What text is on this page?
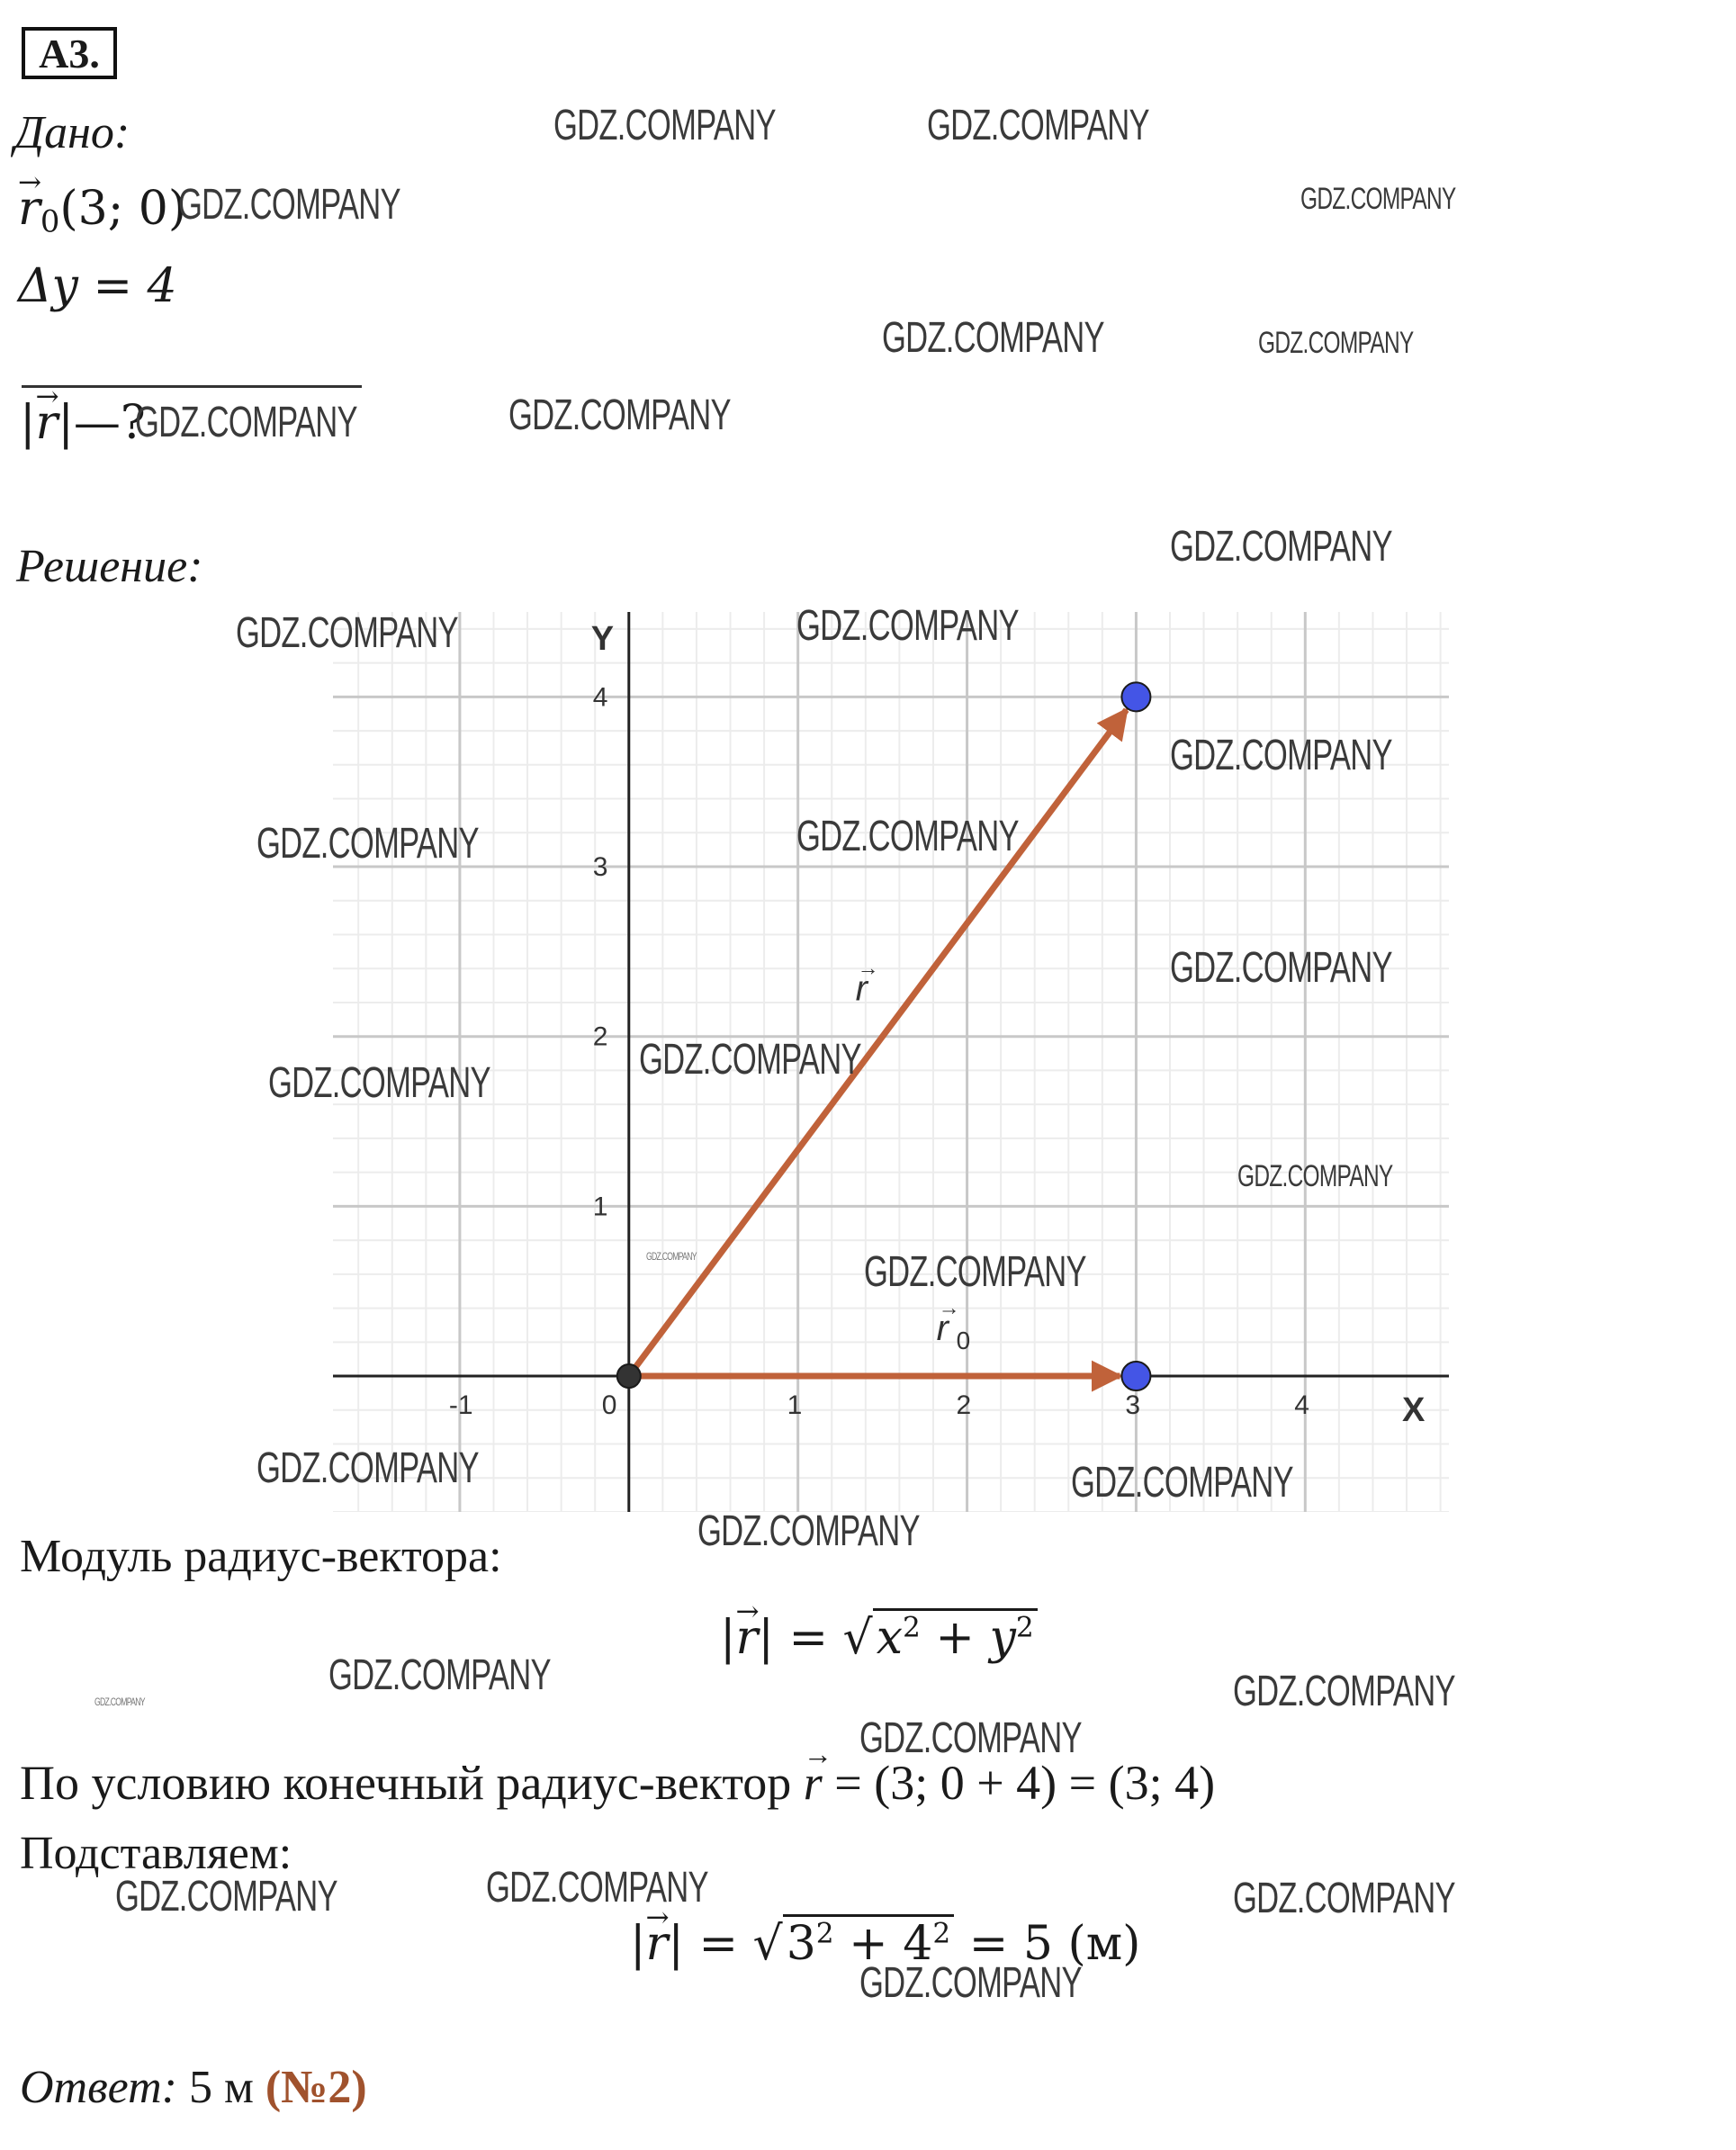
А3.
Дано:
→ $r_0(3$; 0)
Δy = 4
|→ r|—?
Решение:
-1	0	1	2	3	4
1
2
3
4
X
Y
r
→
0
r
→
Модуль радиус-вектора:
|→ $r| = √x^2 + y^2$
По условию конечный радиус-вектор → r = (3; 0 + 4) = (3; 4)
Подставляем:
|→ $r| = √3^2 + 4^2 = 5$ (м)
Ответ: 5 м (№2)
GDZ.COMPANY	GDZ.COMPANY
GDZ.COMPANY	GDZ.COMPANY
GDZ.COMPANY	GDZ.COMPANY
GDZ.COMPANY	GDZ.COMPANY
GDZ.COMPANY
GDZ.COMPANY	GDZ.COMPANY
GDZ.COMPANY
GDZ.COMPANY	GDZ.COMPANY
GDZ.COMPANY
GDZ.COMPANY	GDZ.COMPANY
GDZ.COMPANY
GDZ.COMPANY	GDZ.COMPANY
GDZ.COMPANY	GDZ.COMPANY
GDZ.COMPANY
GDZ.COMPANY
GDZ.COMPANY	GDZ.COMPANY
GDZ.COMPANY
GDZ.COMPANY
GDZ.COMPANY	GDZ.COMPANY
GDZ.COMPANY
